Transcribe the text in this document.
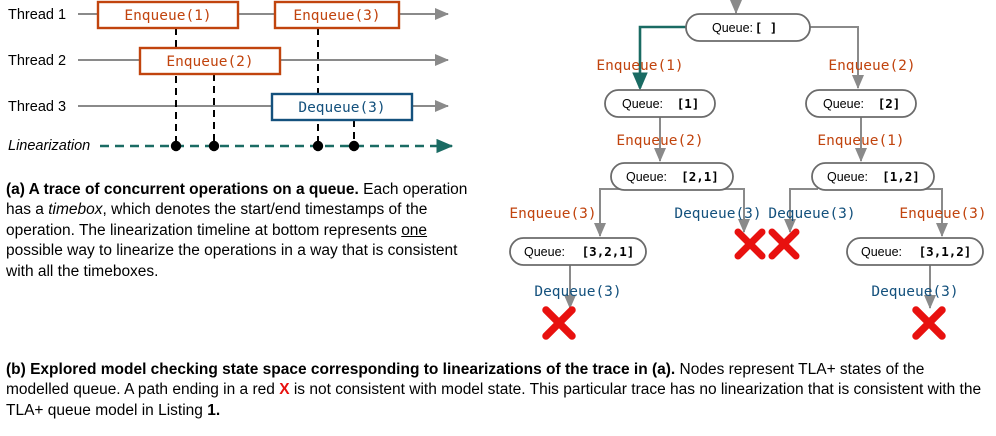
Thread 1
Thread 2
Thread 3
Linearization
Enqueue(1)	Enqueue(3)
Enqueue(2)
Dequeue(3)
Queue: [ ]
Queue: [1]	Queue: [2]
Queue: [2,1]	Queue: [1,2]
Queue: [3,2,1]	Queue: [3,1,2]
Enqueue(1)	Enqueue(2)
Enqueue(2)	Enqueue(1)
Enqueue(3)	Dequeue(3) Dequeue(3)	Enqueue(3)
Dequeue(3)	Dequeue(3)
(a) A trace of concurrent operations on a queue. Each operation has a timebox, which denotes the start/end timestamps of the operation. The linearization timeline at bottom represents one possible way to linearize the operations in a way that is consistent with all the timeboxes.
(b) Explored model checking state space corresponding to linearizations of the trace in (a). Nodes represent TLA+ states of the modelled queue. A path ending in a red X is not consistent with model state. This particular trace has no linearization that is consistent with the TLA+ queue model in Listing 1.
